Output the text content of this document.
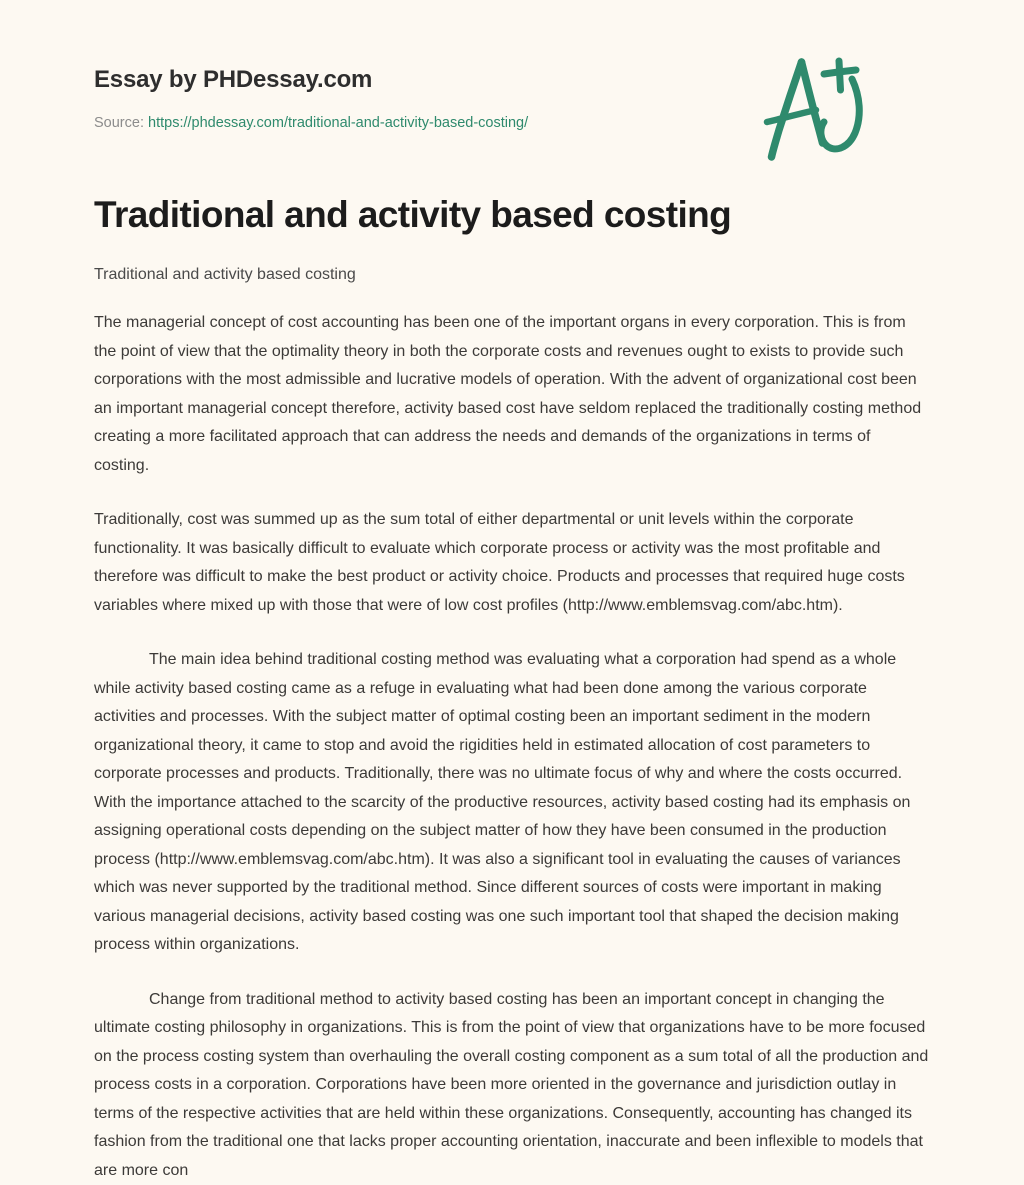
Essay by PHDessay.com
Source: https://phdessay.com/traditional-and-activity-based-costing/
Traditional and activity based costing
Traditional and activity based costing

The managerial concept of cost accounting has been one of the important organs in every corporation. This is from the point of view that the optimality theory in both the corporate costs and revenues ought to exists to provide such corporations with the most admissible and lucrative models of operation. With the advent of organizational cost been an important managerial concept therefore, activity based cost have seldom replaced the traditionally costing method creating a more facilitated approach that can address the needs and demands of the organizations in terms of costing.

Traditionally, cost was summed up as the sum total of either departmental or unit levels within the corporate functionality. It was basically difficult to evaluate which corporate process or activity was the most profitable and therefore was difficult to make the best product or activity choice. Products and processes that required huge costs variables where mixed up with those that were of low cost profiles (http://www.emblemsvag.com/abc.htm).

The main idea behind traditional costing method was evaluating what a corporation had spend as a whole while activity based costing came as a refuge in evaluating what had been done among the various corporate activities and processes. With the subject matter of optimal costing been an important sediment in the modern organizational theory, it came to stop and avoid the rigidities held in estimated allocation of cost parameters to corporate processes and products. Traditionally, there was no ultimate focus of why and where the costs occurred. With the importance attached to the scarcity of the productive resources, activity based costing had its emphasis on assigning operational costs depending on the subject matter of how they have been consumed in the production process (http://www.emblemsvag.com/abc.htm). It was also a significant tool in evaluating the causes of variances which was never supported by the traditional method. Since different sources of costs were important in making various managerial decisions, activity based costing was one such important tool that shaped the decision making process within organizations.

Change from traditional method to activity based costing has been an important concept in changing the ultimate costing philosophy in organizations. This is from the point of view that organizations have to be more focused on the process costing system than overhauling the overall costing component as a sum total of all the production and process costs in a corporation. Corporations have been more oriented in the governance and jurisdiction outlay in terms of the respective activities that are held within these organizations. Consequently, accounting has changed its fashion from the traditional one that lacks proper accounting orientation, inaccurate and been inflexible to models that are more con
